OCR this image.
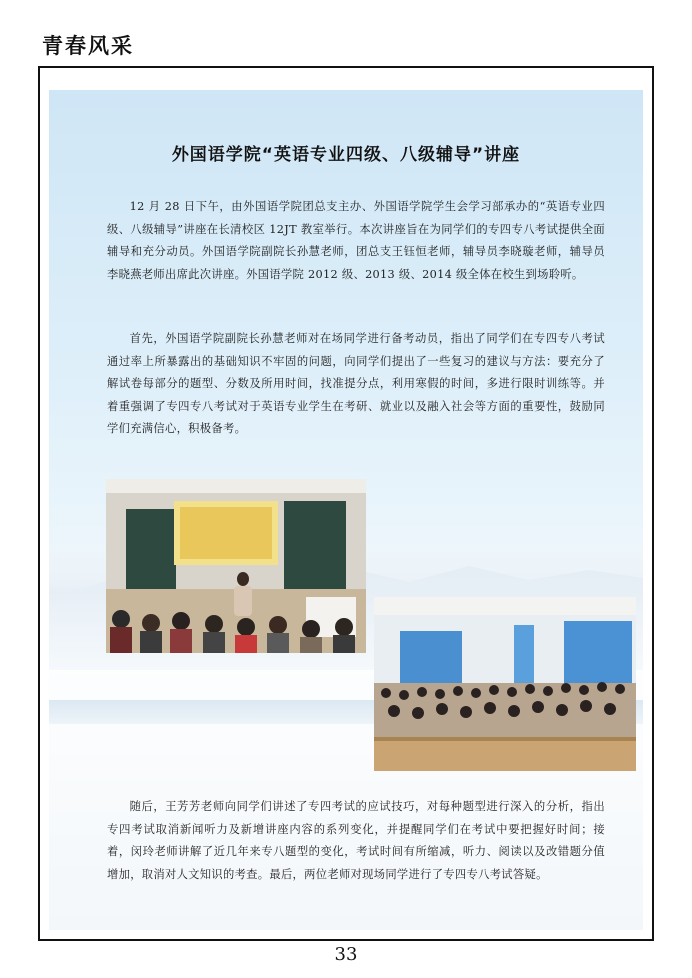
青春风采
外国语学院“英语专业四级、八级辅导”讲座

12 月 28 日下午，由外国语学院团总支主办、外国语学院学生会学习部承办的“英语专业四级、八级辅导”讲座在长清校区 12JT 教室举行。本次讲座旨在为同学们的专四专八考试提供全面辅导和充分动员。外国语学院副院长孙慧老师，团总支王钰恒老师，辅导员李晓璇老师，辅导员李晓燕老师出席此次讲座。外国语学院 2012 级、2013 级、2014 级全体在校生到场聆听。

首先，外国语学院副院长孙慧老师对在场同学进行备考动员，指出了同学们在专四专八考试通过率上所暴露出的基础知识不牢固的问题，向同学们提出了一些复习的建议与方法：要充分了解试卷每部分的题型、分数及所用时间，找准提分点，利用寒假的时间，多进行限时训练等。并着重强调了专四专八考试对于英语专业学生在考研、就业以及融入社会等方面的重要性，鼓励同学们充满信心，积极备考。

随后，王芳芳老师向同学们讲述了专四考试的应试技巧，对每种题型进行深入的分析，指出专四考试取消新闻听力及新增讲座内容的系列变化，并提醒同学们在考试中要把握好时间；接着，闵玲老师讲解了近几年来专八题型的变化，考试时间有所缩减，听力、阅读以及改错题分值增加，取消对人文知识的考查。最后，两位老师对现场同学进行了专四专八考试答疑。

33
